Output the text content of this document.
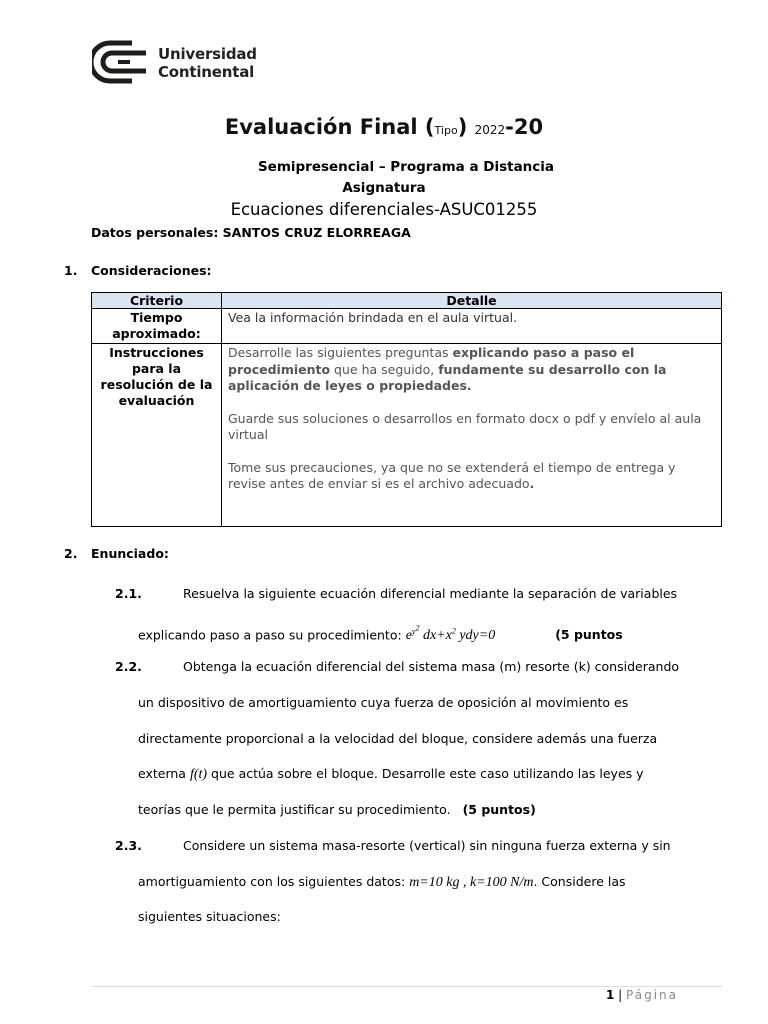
Universidad
Continental
Evaluación Final (Tipo) 2022-20
Semipresencial – Programa a Distancia
Asignatura
Ecuaciones diferenciales-ASUC01255
Datos personales: SANTOS CRUZ ELORREAGA
1. Consideraciones:
Criterio	Detalle
Tiempo aproximado:	Vea la información brindada en el aula virtual.
Instrucciones para la resolución de la evaluación	Desarrolle las siguientes preguntas explicando paso a paso el procedimiento que ha seguido, fundamente su desarrollo con la aplicación de leyes o propiedades.

Guarde sus soluciones o desarrollos en formato docx o pdf y envíelo al aula virtual

Tome sus precauciones, ya que no se extenderá el tiempo de entrega y revise antes de enviar si es el archivo adecuado.

2. Enunciado:
2.1.	Resuelva la siguiente ecuación diferencial mediante la separación de variables
explicando paso a paso su procedimiento: $e^{y^2}$ $dx+x^2$ ydy=0	(5 puntos
2.2.	Obtenga la ecuación diferencial del sistema masa (m) resorte (k) considerando
un dispositivo de amortiguamiento cuya fuerza de oposición al movimiento es
directamente proporcional a la velocidad del bloque, considere además una fuerza
externa f(t) que actúa sobre el bloque. Desarrolle este caso utilizando las leyes y
teorías que le permita justificar su procedimiento. (5 puntos)
2.3.	Considere un sistema masa-resorte (vertical) sin ninguna fuerza externa y sin
amortiguamiento con los siguientes datos: m=10 kg , k=100 N/m. Considere las
siguientes situaciones:
1 | Página
